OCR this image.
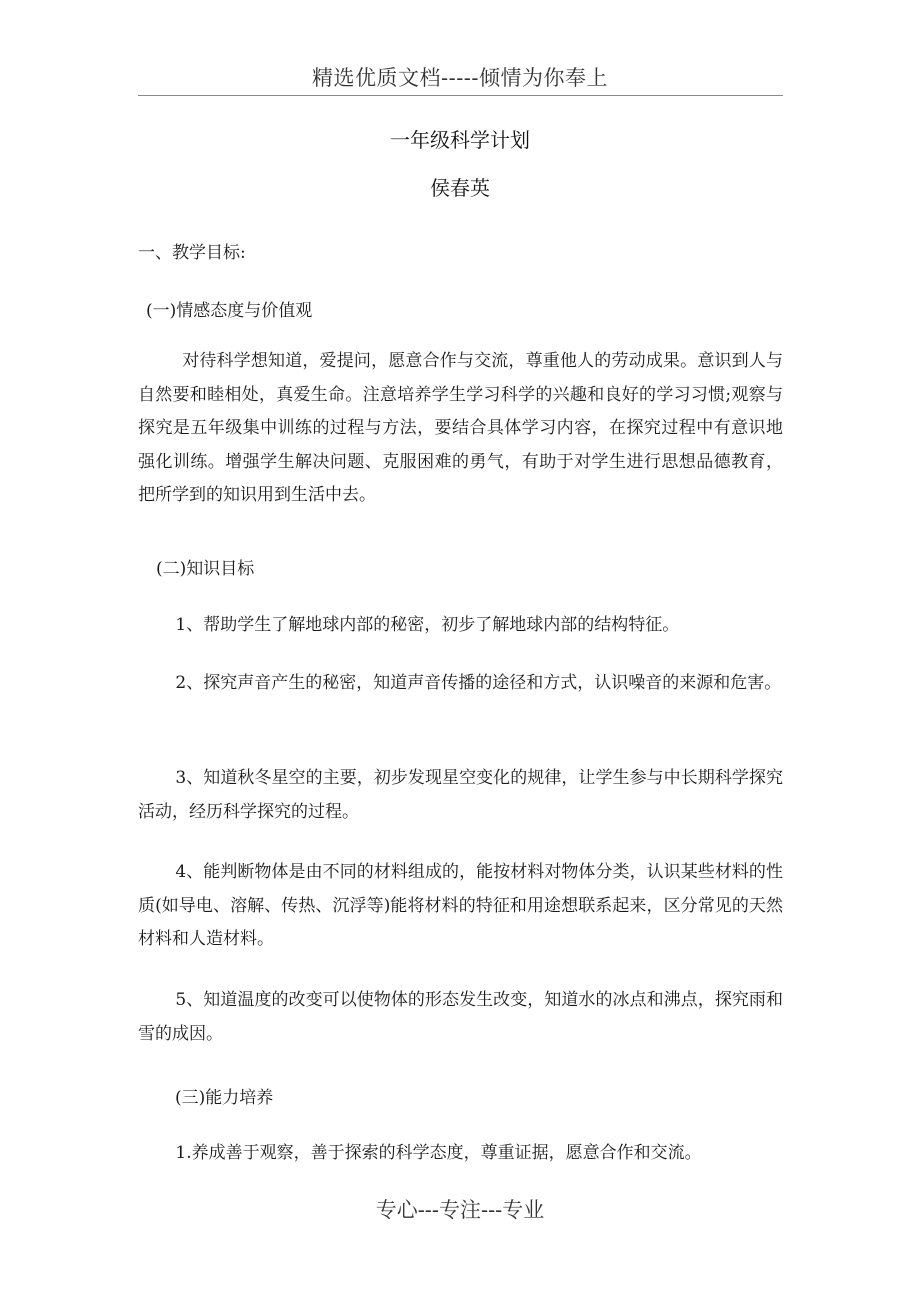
精选优质文档-----倾情为你奉上
一年级科学计划
侯春英
一、教学目标:
(一)情感态度与价值观
对待科学想知道，爱提问，愿意合作与交流，尊重他人的劳动成果。意识到人与自然要和睦相处，真爱生命。注意培养学生学习科学的兴趣和良好的学习习惯;观察与探究是五年级集中训练的过程与方法，要结合具体学习内容，在探究过程中有意识地强化训练。增强学生解决问题、克服困难的勇气，有助于对学生进行思想品德教育，把所学到的知识用到生活中去。
(二)知识目标
1、帮助学生了解地球内部的秘密，初步了解地球内部的结构特征。
2、探究声音产生的秘密，知道声音传播的途径和方式，认识噪音的来源和危害。
3、知道秋冬星空的主要，初步发现星空变化的规律，让学生参与中长期科学探究活动，经历科学探究的过程。
4、能判断物体是由不同的材料组成的，能按材料对物体分类，认识某些材料的性质(如导电、溶解、传热、沉浮等)能将材料的特征和用途想联系起来，区分常见的天然材料和人造材料。
5、知道温度的改变可以使物体的形态发生改变，知道水的冰点和沸点，探究雨和雪的成因。
(三)能力培养
1.养成善于观察，善于探索的科学态度，尊重证据，愿意合作和交流。
专心---专注---专业
